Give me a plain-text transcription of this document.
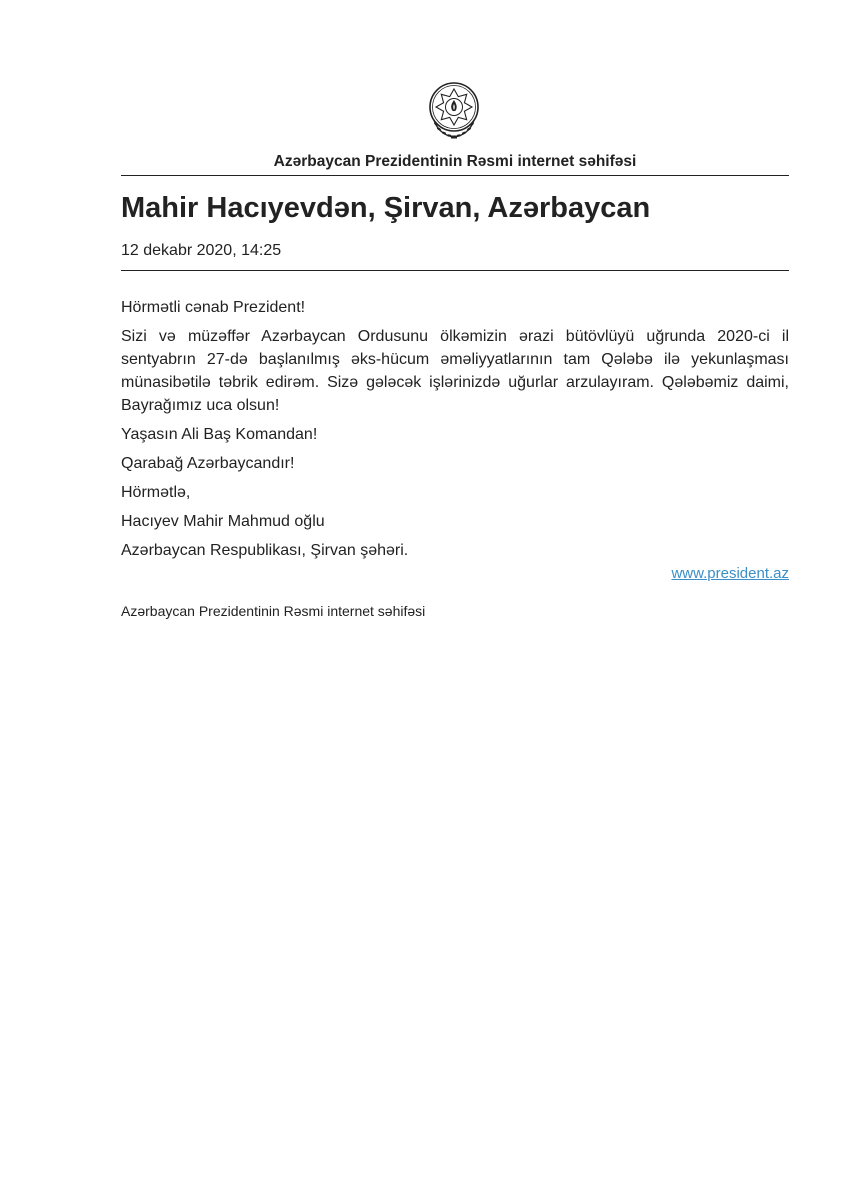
Azərbaycan Prezidentinin Rəsmi internet səhifəsi
Mahir Hacıyevdən, Şirvan, Azərbaycan
12 dekabr 2020, 14:25

Hörmətli cənab Prezident!

Sizi və müzəffər Azərbaycan Ordusunu ölkəmizin ərazi bütövlüyü uğrunda 2020-ci il sentyabrın 27-də başlanılmış əks-hücum əməliyyatlarının tam Qələbə ilə yekunlaşması münasibətilə təbrik edirəm. Sizə gələcək işlərinizdə uğurlar arzulayıram. Qələbəmiz daimi, Bayrağımız uca olsun!

Yaşasın Ali Baş Komandan!

Qarabağ Azərbaycandır!

Hörmətlə,

Hacıyev Mahir Mahmud oğlu

Azərbaycan Respublikası, Şirvan şəhəri.

www.president.az
Azərbaycan Prezidentinin Rəsmi internet səhifəsi
